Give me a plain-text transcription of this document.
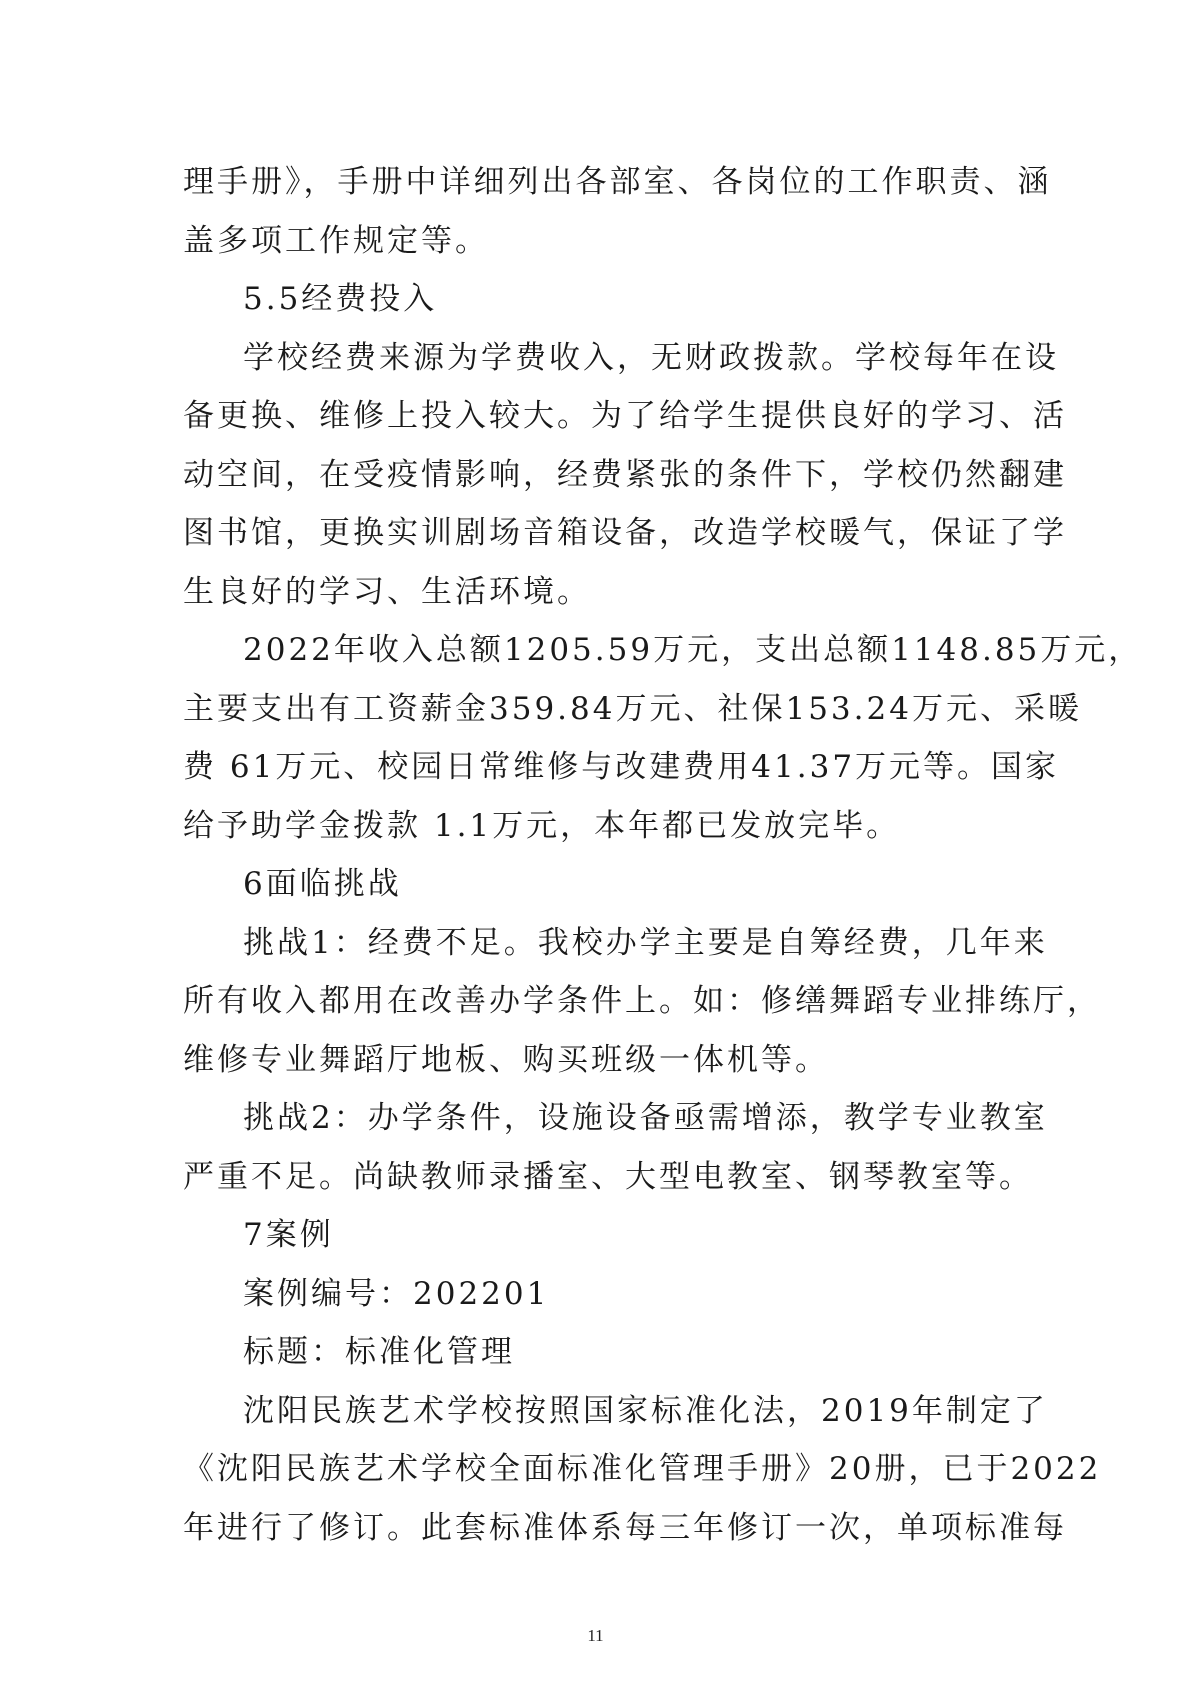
理手册》，手册中详细列出各部室、各岗位的工作职责、涵
盖多项工作规定等。
5.5经费投入
学校经费来源为学费收入，无财政拨款。学校每年在设
备更换、维修上投入较大。为了给学生提供良好的学习、活
动空间，在受疫情影响，经费紧张的条件下，学校仍然翻建
图书馆，更换实训剧场音箱设备，改造学校暖气，保证了学
生良好的学习、生活环境。
2022年收入总额1205.59万元，支出总额1148.85万元，
主要支出有工资薪金359.84万元、社保153.24万元、采暖
费 61万元、校园日常维修与改建费用41.37万元等。国家
给予助学金拨款 1.1万元，本年都已发放完毕。
6面临挑战
挑战1：经费不足。我校办学主要是自筹经费，几年来
所有收入都用在改善办学条件上。如：修缮舞蹈专业排练厅，
维修专业舞蹈厅地板、购买班级一体机等。
挑战2：办学条件，设施设备亟需增添，教学专业教室
严重不足。尚缺教师录播室、大型电教室、钢琴教室等。
7案例
案例编号：202201
标题：标准化管理
沈阳民族艺术学校按照国家标准化法，2019年制定了
《沈阳民族艺术学校全面标准化管理手册》20册，已于2022
年进行了修订。此套标准体系每三年修订一次，单项标准每
11
